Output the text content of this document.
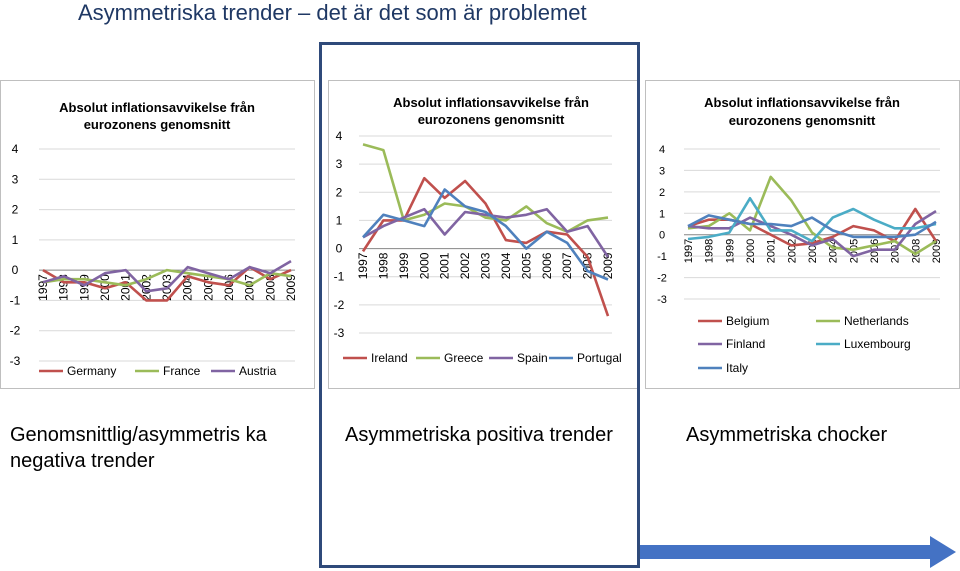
Asymmetriska trender – det är det som är problemet
Absolut inflationsavvikelse från
eurozonens genomsnitt
4
3
2
1
0
-1
-2
-3
1997 1998 1999 2000 2001 2002 2003 2004 2005 2006 2007 2008 2009
Germany	France	Austria
Absolut inflationsavvikelse från
eurozonens genomsnitt
4
3
2
1
0
-1
-2
-3
1997 1998 1999 2000 2001 2002 2003 2004 2005 2006 2007 2008 2009
Ireland	Greece	Spain Portugal
Absolut inflationsavvikelse från
eurozonens genomsnitt
4
3
2
1
0
-1
-2
-3
1997 1998 1999 2000 2001 2002 2003 2004 2005 2006 2007 2008 2009
Belgium	Netherlands
Finland	Luxembourg
Italy
Genomsnittlig/asymmetris ka negativa trender
Asymmetriska positiva trender	Asymmetriska chocker
